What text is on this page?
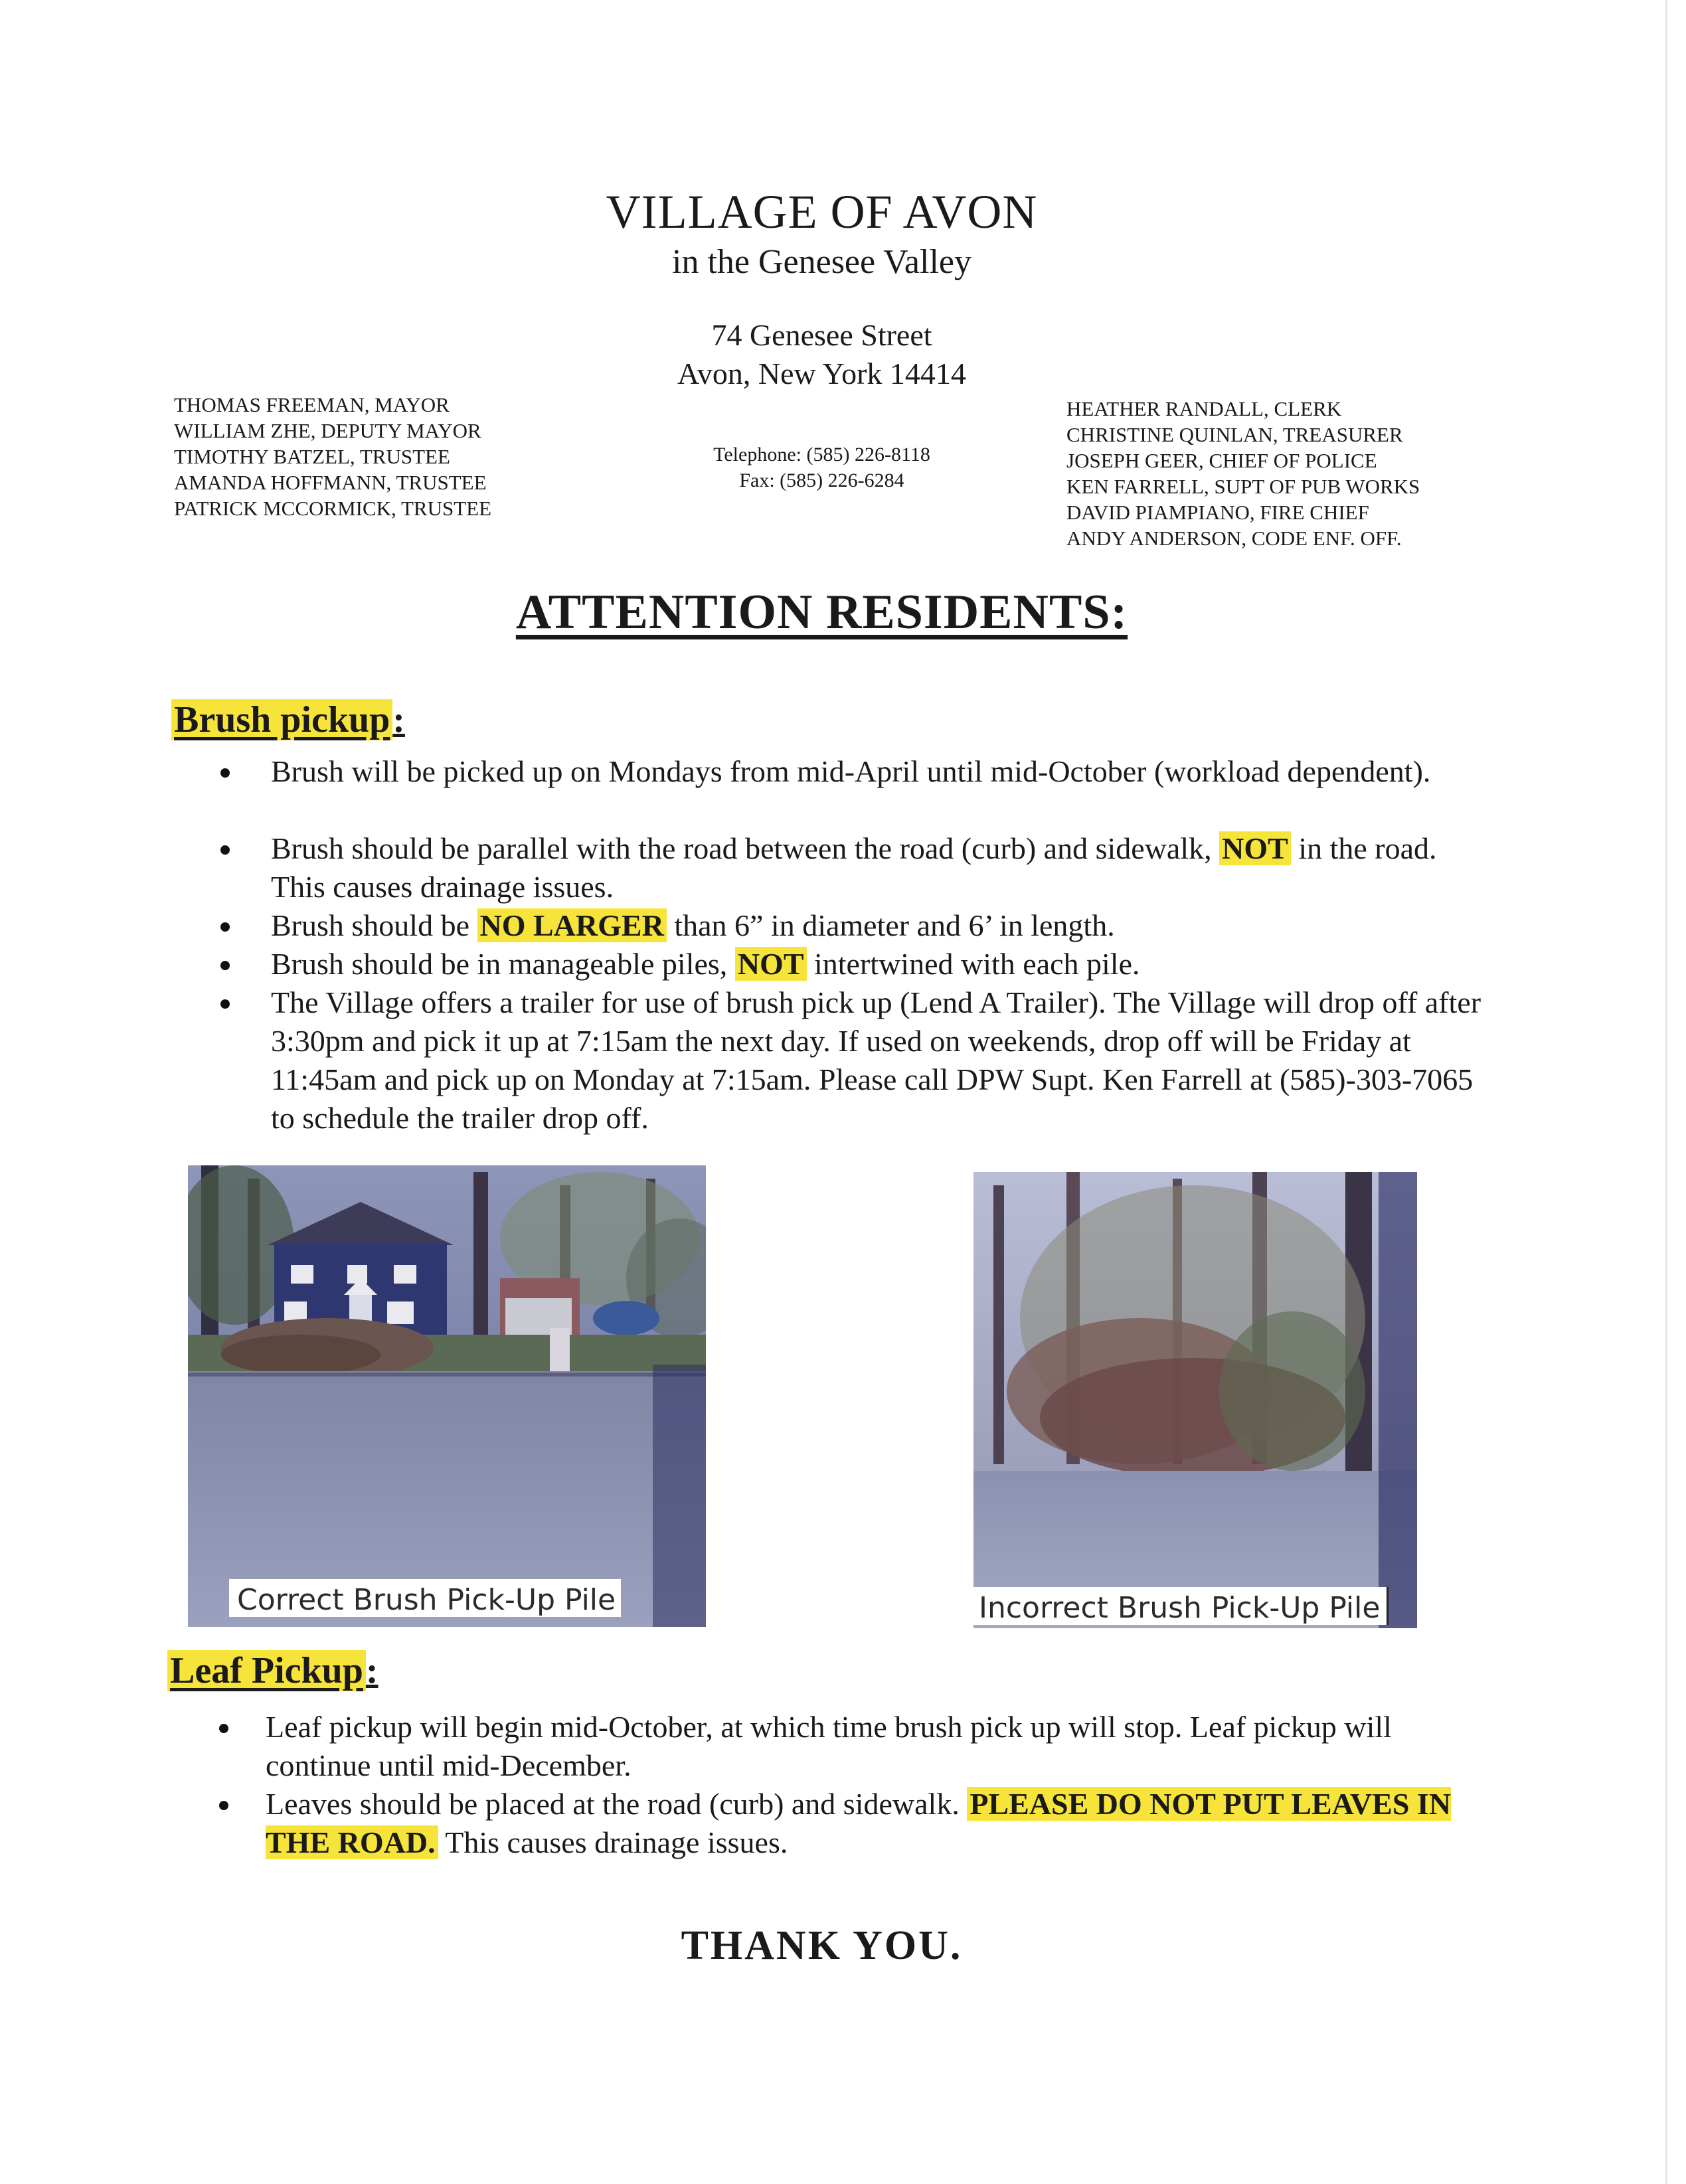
VILLAGE OF AVON
in the Genesee Valley
74 Genesee Street
Avon, New York 14414
Telephone: (585) 226-8118
Fax: (585) 226-6284
THOMAS FREEMAN, MAYOR
WILLIAM ZHE, DEPUTY MAYOR
TIMOTHY BATZEL, TRUSTEE
AMANDA HOFFMANN, TRUSTEE
PATRICK MCCORMICK, TRUSTEE
HEATHER RANDALL, CLERK
CHRISTINE QUINLAN, TREASURER
JOSEPH GEER, CHIEF OF POLICE
KEN FARRELL, SUPT OF PUB WORKS
DAVID PIAMPIANO, FIRE CHIEF
ANDY ANDERSON, CODE ENF. OFF.
ATTENTION RESIDENTS:
Brush pickup:
Brush will be picked up on Mondays from mid-April until mid-October (workload dependent).
Brush should be parallel with the road between the road (curb) and sidewalk, NOT in the road. This causes drainage issues.
Brush should be NO LARGER than 6” in diameter and 6’ in length.
Brush should be in manageable piles, NOT intertwined with each pile.
The Village offers a trailer for use of brush pick up (Lend A Trailer). The Village will drop off after 3:30pm and pick it up at 7:15am the next day. If used on weekends, drop off will be Friday at 11:45am and pick up on Monday at 7:15am. Please call DPW Supt. Ken Farrell at (585)-303-7065 to schedule the trailer drop off.
Correct Brush Pick-Up Pile	Incorrect Brush Pick-Up Pile
Leaf Pickup:
Leaf pickup will begin mid-October, at which time brush pick up will stop. Leaf pickup will continue until mid-December.
Leaves should be placed at the road (curb) and sidewalk. PLEASE DO NOT PUT LEAVES IN THE ROAD. This causes drainage issues.
THANK YOU.
